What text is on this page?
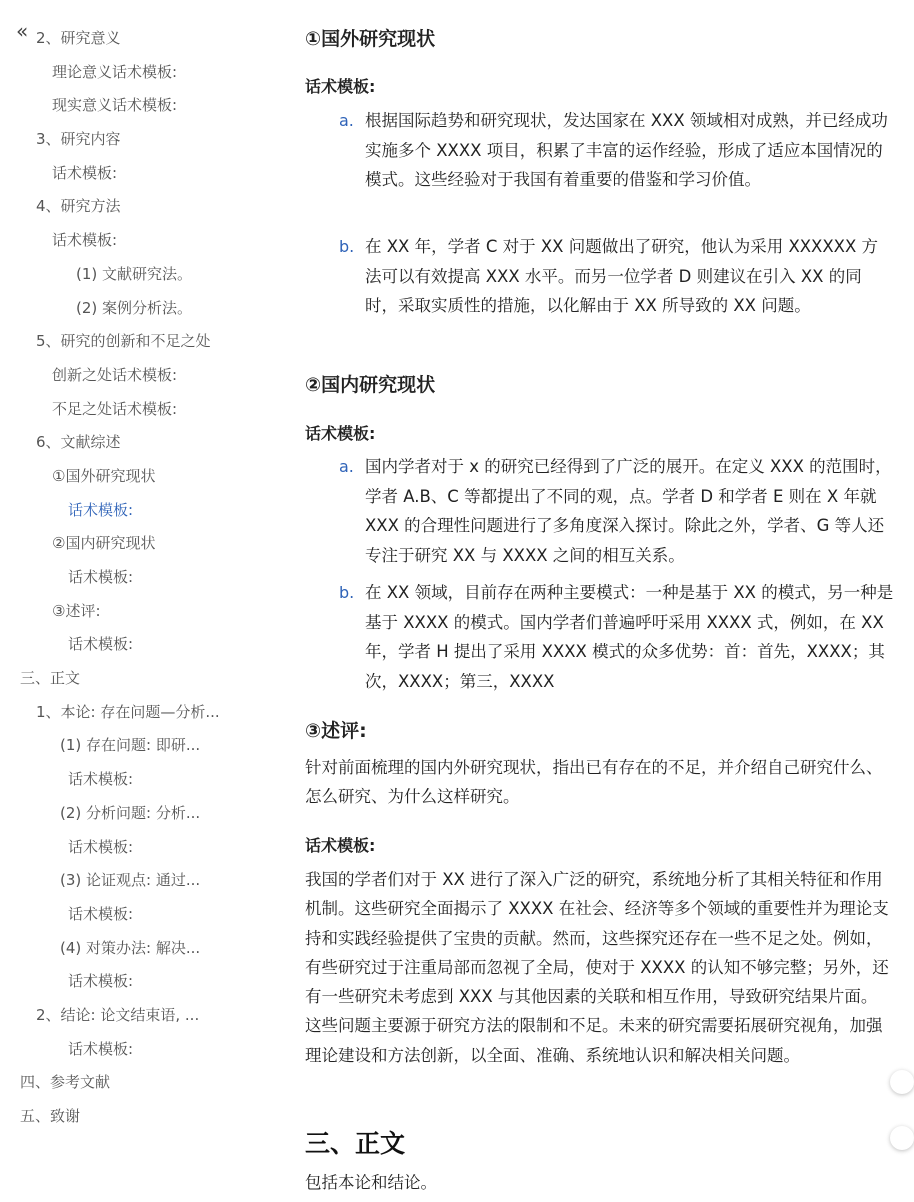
« 2、研究意义
理论意义话术模板:
现实意义话术模板:
3、研究内容
话术模板:
4、研究方法
话术模板:
(1) 文献研究法。
(2) 案例分析法。
5、研究的创新和不足之处
创新之处话术模板:
不足之处话术模板:
6、文献综述
①国外研究现状
话术模板:
②国内研究现状
话术模板:
③述评:
话术模板:
三、正文
1、本论: 存在问题—分析...
(1) 存在问题: 即研...
话术模板:
(2) 分析问题: 分析...
话术模板:
(3) 论证观点: 通过...
话术模板:
(4) 对策办法: 解决...
话术模板:
2、结论: 论文结束语, ...
话术模板:
四、参考文献
五、致谢
①国外研究现状
话术模板:
a. 根据国际趋势和研究现状，发达国家在 XXX 领域相对成熟，并已经成功实施多个 XXXX 项目，积累了丰富的运作经验，形成了适应本国情况的模式。这些经验对于我国有着重要的借鉴和学习价值。
b. 在 XX 年，学者 C 对于 XX 问题做出了研究，他认为采用 XXXXXX 方法可以有效提高 XXX 水平。而另一位学者 D 则建议在引入 XX 的同时，采取实质性的措施，以化解由于 XX 所导致的 XX 问题。
②国内研究现状
话术模板:
a. 国内学者对于 x 的研究已经得到了广泛的展开。在定义 XXX 的范围时，学者 A.B、C 等都提出了不同的观，点。学者 D 和学者 E 则在 X 年就 XXX 的合理性问题进行了多角度深入探讨。除此之外，学者、G 等人还专注于研究 XX 与 XXXX 之间的相互关系。
b. 在 XX 领域，目前存在两种主要模式：一种是基于 XX 的模式，另一种是基于 XXXX 的模式。国内学者们普遍呼吁采用 XXXX 式，例如，在 XX 年，学者 H 提出了采用 XXXX 模式的众多优势：首：首先，XXXX；其次，XXXX；第三，XXXX
③述评:
针对前面梳理的国内外研究现状，指出已有存在的不足，并介绍自己研究什么、怎么研究、为什么这样研究。
话术模板:
我国的学者们对于 XX 进行了深入广泛的研究，系统地分析了其相关特征和作用机制。这些研究全面揭示了 XXXX 在社会、经济等多个领域的重要性并为理论支持和实践经验提供了宝贵的贡献。然而，这些探究还存在一些不足之处。例如，有些研究过于注重局部而忽视了全局，使对于 XXXX 的认知不够完整；另外，还有一些研究未考虑到 XXX 与其他因素的关联和相互作用，导致研究结果片面。这些问题主要源于研究方法的限制和不足。未来的研究需要拓展研究视角，加强理论建设和方法创新，以全面、准确、系统地认识和解决相关问题。
三、正文
包括本论和结论。
